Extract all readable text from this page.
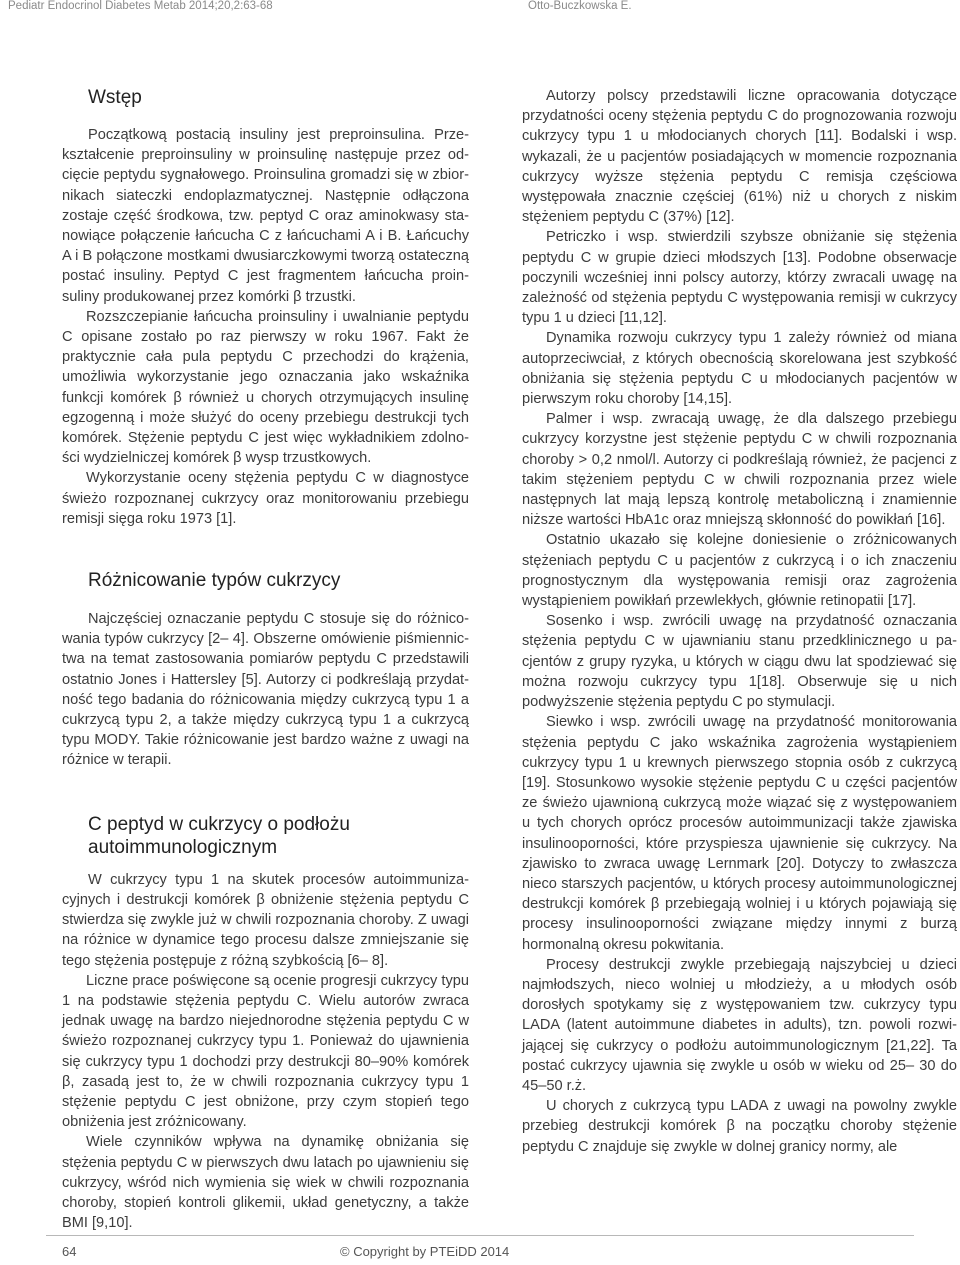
Pediatr Endocrinol Diabetes Metab 2014;20,2:63-68	Otto-Buczkowska E.
Wstęp

Początkową postacią insuliny jest preproinsulina. Przekształcenie preproinsuliny w proinsulinę następuje przez odcięcie peptydu sygnałowego. Proinsulina gromadzi się w zbiornikach siateczki endoplazmatycznej. Następnie odłączona zostaje część środkowa, tzw. peptyd C oraz aminokwasy stanowiące połączenie łańcucha C z łańcuchami A i B. Łańcuchy A i B połączone mostkami dwusiarczkowymi tworzą ostateczną postać insuliny. Peptyd C jest fragmentem łańcucha proinsuliny produkowanej przez komórki β trzustki.

Rozszczepianie łańcucha proinsuliny i uwalnianie peptydu C opisane zostało po raz pierwszy w roku 1967. Fakt że praktycznie cała pula peptydu C przechodzi do krążenia, umożliwia wykorzystanie jego oznaczania jako wskaźnika funkcji komórek β również u chorych otrzymujących insulinę egzogenną i może służyć do oceny przebiegu destrukcji tych komórek. Stężenie peptydu C jest więc wykładnikiem zdolności wydzielniczej komórek β wysp trzustkowych.

Wykorzystanie oceny stężenia peptydu C w diagnostyce świeżo rozpoznanej cukrzycy oraz monitorowaniu przebiegu remisji sięga roku 1973 [1].

Różnicowanie typów cukrzycy

Najczęściej oznaczanie peptydu C stosuje się do różnicowania typów cukrzycy [2– 4]. Obszerne omówienie piśmiennictwa na temat zastosowania pomiarów peptydu C przedstawili ostatnio Jones i Hattersley [5]. Autorzy ci podkreślają przydatność tego badania do różnicowania między cukrzycą typu 1 a cukrzycą typu 2, a także między cukrzycą typu 1 a cukrzycą typu MODY. Takie różnicowanie jest bardzo ważne z uwagi na różnice w terapii.

C peptyd w cukrzycy o podłożu autoimmunologicznym

W cukrzycy typu 1 na skutek procesów autoimmunizacyjnych i destrukcji komórek β obniżenie stężenia peptydu C stwierdza się zwykle już w chwili rozpoznania choroby. Z uwagi na różnice w dynamice tego procesu dalsze zmniejszanie się tego stężenia postępuje z różną szybkością [6– 8].

Liczne prace poświęcone są ocenie progresji cukrzycy typu 1 na podstawie stężenia peptydu C. Wielu autorów zwraca jednak uwagę na bardzo niejednorodne stężenia peptydu C w świeżo rozpoznanej cukrzycy typu 1. Ponieważ do ujawnienia się cukrzycy typu 1 dochodzi przy destrukcji 80–90% komórek β, zasadą jest to, że w chwili rozpoznania cukrzycy typu 1 stężenie peptydu C jest obniżone, przy czym stopień tego obniżenia jest zróżnicowany.

Wiele czynników wpływa na dynamikę obniżania się stężenia peptydu C w pierwszych dwu latach po ujawnieniu się cukrzycy, wśród nich wymienia się wiek w chwili rozpoznania choroby, stopień kontroli glikemii, układ genetyczny, a także BMI [9,10].

Autorzy polscy przedstawili liczne opracowania dotyczące przydatności oceny stężenia peptydu C do prognozowania rozwoju cukrzycy typu 1 u młodocianych chorych [11]. Bodalski i wsp. wykazali, że u pacjentów posiadających w momencie rozpoznania cukrzycy wyższe stężenia peptydu C remisja częściowa występowała znacznie częściej (61%) niż u chorych z niskim stężeniem peptydu C (37%) [12].

Petriczko i wsp. stwierdzili szybsze obniżanie się stężenia peptydu C w grupie dzieci młodszych [13]. Podobne obserwacje poczynili wcześniej inni polscy autorzy, którzy zwracali uwagę na zależność od stężenia peptydu C występowania remisji w cukrzycy typu 1 u dzieci [11,12].

Dynamika rozwoju cukrzycy typu 1 zależy również od miana autoprzeciwciał, z których obecnością skorelowana jest szybkość obniżania się stężenia peptydu C u młodocianych pacjentów w pierwszym roku choroby [14,15].

Palmer i wsp. zwracają uwagę, że dla dalszego przebiegu cukrzycy korzystne jest stężenie peptydu C w chwili rozpoznania choroby > 0,2 nmol/l. Autorzy ci podkreślają również, że pacjenci z takim stężeniem peptydu C w chwili rozpoznania przez wiele następnych lat mają lepszą kontrolę metaboliczną i znamiennie niższe wartości HbA1c oraz mniejszą skłonność do powikłań [16].

Ostatnio ukazało się kolejne doniesienie o zróżnicowanych stężeniach peptydu C u pacjentów z cukrzycą i o ich znaczeniu prognostycznym dla występowania remisji oraz zagrożenia wystąpieniem powikłań przewlekłych, głównie retinopatii [17].

Sosenko i wsp. zwrócili uwagę na przydatność oznaczania stężenia peptydu C w ujawnianiu stanu przedklinicznego u pacjentów z grupy ryzyka, u których w ciągu dwu lat spodziewać się można rozwoju cukrzycy typu 1[18]. Obserwuje się u nich podwyższenie stężenia peptydu C po stymulacji.

Siewko i wsp. zwrócili uwagę na przydatność monitorowania stężenia peptydu C jako wskaźnika zagrożenia wystąpieniem cukrzycy typu 1 u krewnych pierwszego stopnia osób z cukrzycą [19]. Stosunkowo wysokie stężenie peptydu C u części pacjentów ze świeżo ujawnioną cukrzycą może wiązać się z występowaniem u tych chorych oprócz procesów autoimmunizacji także zjawiska insulinooporności, które przyspiesza ujawnienie się cukrzycy. Na zjawisko to zwraca uwagę Lernmark [20]. Dotyczy to zwłaszcza nieco starszych pacjentów, u których procesy autoimmunologicznej destrukcji komórek β przebiegają wolniej i u których pojawiają się procesy insulinooporności związane między innymi z burzą hormonalną okresu pokwitania.

Procesy destrukcji zwykle przebiegają najszybciej u dzieci najmłodszych, nieco wolniej u młodzieży, a u młodych osób dorosłych spotykamy się z występowaniem tzw. cukrzycy typu LADA (latent autoimmune diabetes in adults), tzn. powoli rozwijającej się cukrzycy o podłożu autoimmunologicznym [21,22]. Ta postać cukrzycy ujawnia się zwykle u osób w wieku od 25– 30 do 45–50 r.ż.

U chorych z cukrzycą typu LADA z uwagi na powolny zwykle przebieg destrukcji komórek β na początku choroby stężenie peptydu C znajduje się zwykle w dolnej granicy normy, ale

64	© Copyright by PTEiDD 2014
